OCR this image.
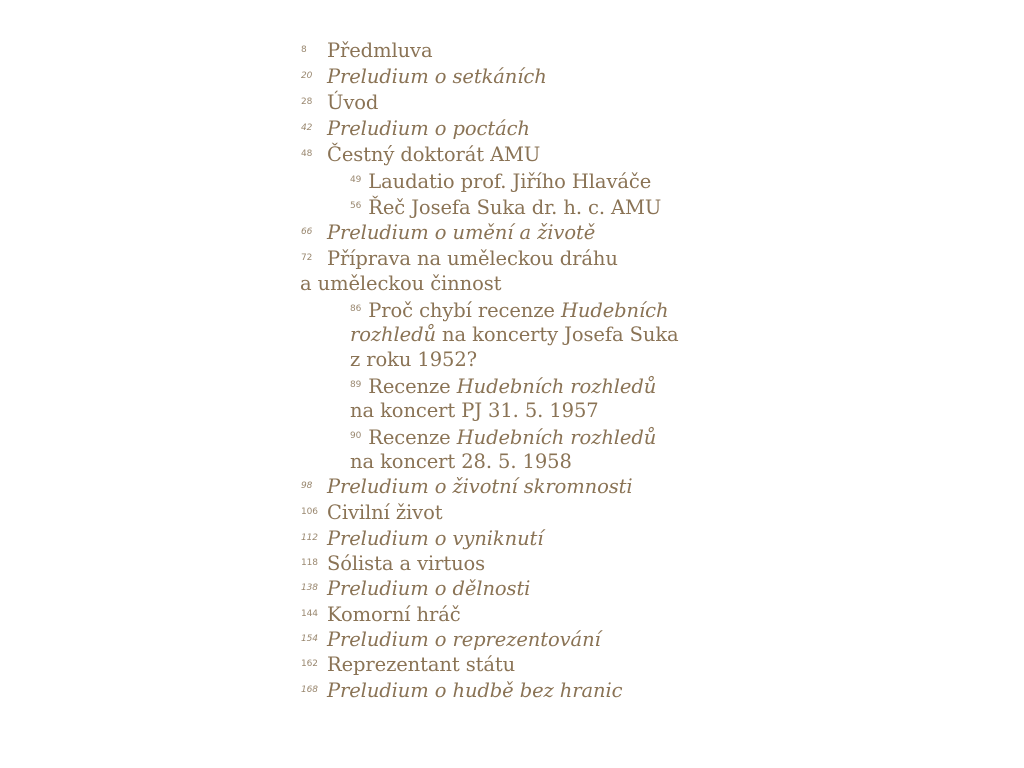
8	Předmluva
20 Preludium o setkáních
28 Úvod
42 Preludium o poctách
48 Čestný doktorát AMU
49 Laudatio prof. Jiřího Hlaváče
56 Řeč Josefa Suka dr. h. c. AMU
66 Preludium o umění a životě
72 Příprava na uměleckou dráhu
a uměleckou činnost
86 Proč chybí recenze Hudebních
rozhledů na koncerty Josefa Suka
z roku 1952?
89 Recenze Hudebních rozhledů
na koncert PJ 31. 5. 1957
90 Recenze Hudebních rozhledů
na koncert 28. 5. 1958
98 Preludium o životní skromnosti
106 Civilní život
112 Preludium o vyniknutí
118 Sólista a virtuos
138 Preludium o dělnosti
144 Komorní hráč
154 Preludium o reprezentování
162 Reprezentant státu
168 Preludium o hudbě bez hranic
